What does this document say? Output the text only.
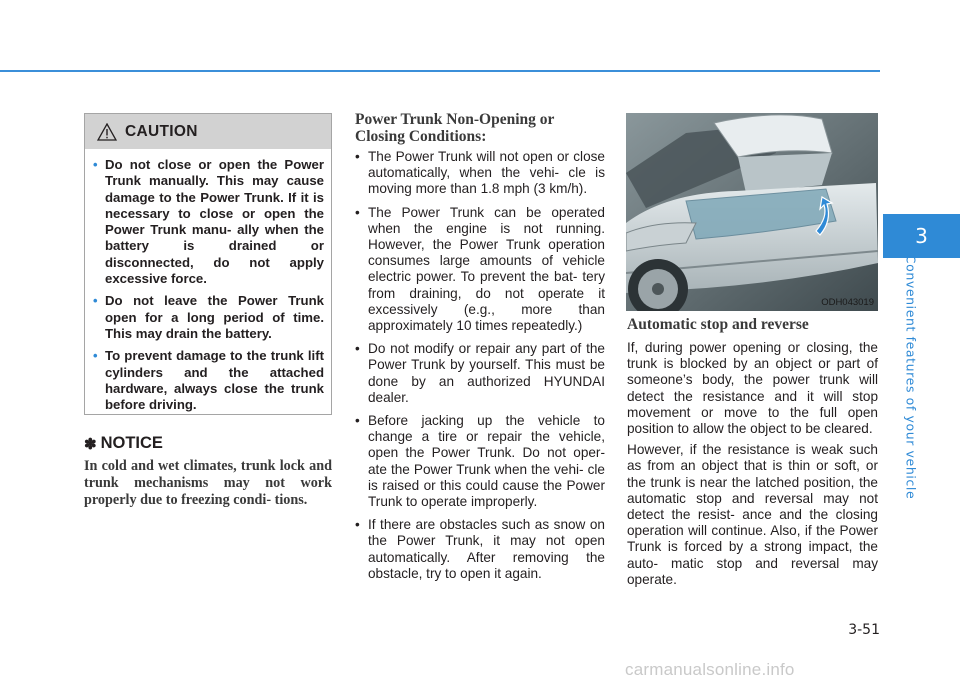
3
Convenient features of your vehicle
CAUTION
• Do not close or open the Power Trunk manually. This may cause damage to the Power Trunk. If it is necessary to close or open the Power Trunk manu- ally when the battery is drained or disconnected, do not apply excessive force.
• Do not leave the Power Trunk open for a long period of time. This may drain the battery.
• To prevent damage to the trunk lift cylinders and the attached hardware, always close the trunk before driving.
✽ NOTICE
In cold and wet climates, trunk lock and trunk mechanisms may not work properly due to freezing condi- tions.
Power Trunk Non-Opening or Closing Conditions:
• The Power Trunk will not open or close automatically, when the vehi- cle is moving more than 1.8 mph (3 km/h).
• The Power Trunk can be operated when the engine is not running. However, the Power Trunk operation consumes large amounts of vehicle electric power. To prevent the bat- tery from draining, do not operate it excessively (e.g., more than approximately 10 times repeatedly.)
• Do not modify or repair any part of the Power Trunk by yourself. This must be done by an authorized HYUNDAI dealer.
• Before jacking up the vehicle to change a tire or repair the vehicle, open the Power Trunk. Do not oper- ate the Power Trunk when the vehi- cle is raised or this could cause the Power Trunk to operate improperly.
• If there are obstacles such as snow on the Power Trunk, it may not open automatically. After removing the obstacle, try to open it again.
ODH043019
Automatic stop and reverse
If, during power opening or closing, the trunk is blocked by an object or part of someone’s body, the power trunk will detect the resistance and it will stop movement or move to the full open position to allow the object to be cleared.
However, if the resistance is weak such as from an object that is thin or soft, or the trunk is near the latched position, the automatic stop and reversal may not detect the resist- ance and the closing operation will continue. Also, if the Power Trunk is forced by a strong impact, the auto- matic stop and reversal may operate.
3-51
carmanualsonline.info
